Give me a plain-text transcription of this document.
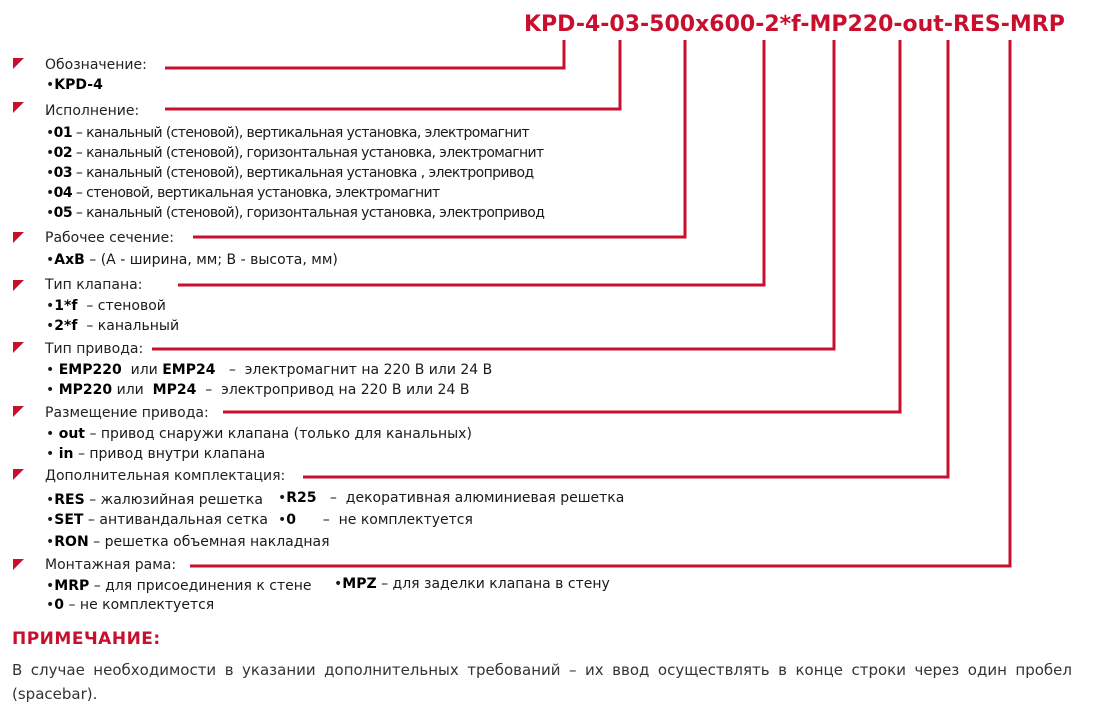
KPD-4-03-500x600-2*f-MP220-out-RES-MRP
Обозначение:
•KPD-4
Исполнение:
•01 – канальный (стеновой), вертикальная установка, электромагнит
•02 – канальный (стеновой), горизонтальная установка, электромагнит
•03 – канальный (стеновой), вертикальная установка , электропривод
•04 – стеновой, вертикальная установка, электромагнит
•05 – канальный (стеновой), горизонтальная установка, электропривод
Рабочее сечение:
•AxB – (А - ширина, мм; В - высота, мм)
Тип клапана:
•1*f – стеновой
•2*f – канальный
Тип привода:
• EMP220 или EMP24 – электромагнит на 220 В или 24 В
• MP220 или MP24 – электропривод на 220 В или 24 В
Размещение привода:
• out – привод снаружи клапана (только для канальных)
• in – привод внутри клапана
Дополнительная комплектация:
•RES – жалюзийная решетка
•SET – антивандальная сетка
•RON – решетка объемная накладная
•R25 – декоративная алюминиевая решетка
•0 – не комплектуется
Монтажная рама:
•MRP – для присоединения к стене
•0 – не комплектуется
•MPZ – для заделки клапана в стену
ПРИМЕЧАНИЕ:
В случае необходимости в указании дополнительных требований – их ввод осуществлять в конце строки через один пробел (spacebar).
